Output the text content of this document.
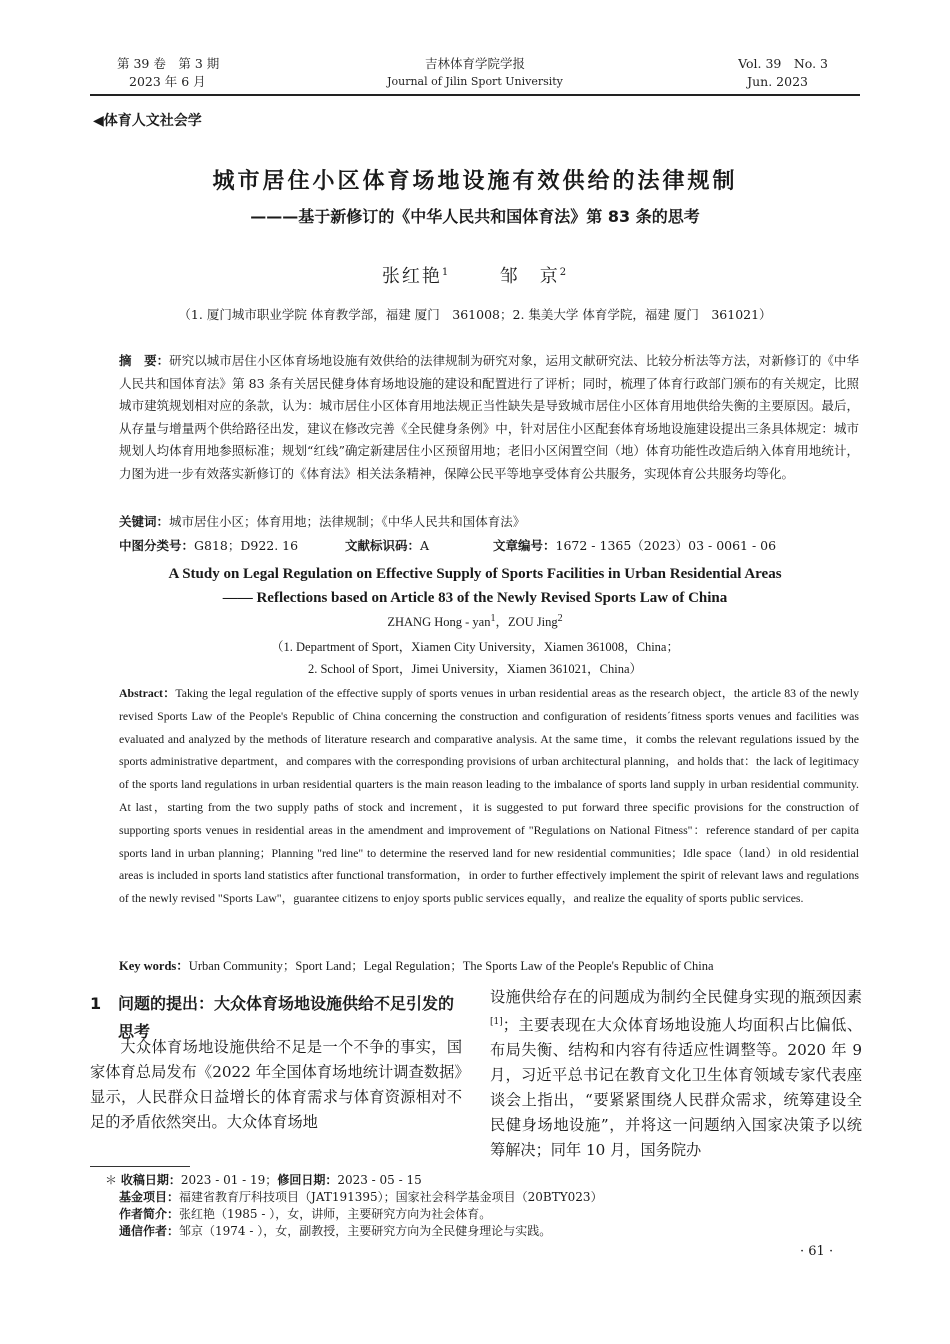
第 39 卷　第 3 期
2023 年 6 月
吉林体育学院学报
Journal of Jilin Sport University
Vol. 39　No. 3
Jun. 2023
◀体育人文社会学
城市居住小区体育场地设施有效供给的法律规制
———基于新修订的《中华人民共和国体育法》第 83 条的思考
张红艳$^1$	邹　京$^2$
（1. 厦门城市职业学院 体育教学部，福建 厦门　361008；2. 集美大学 体育学院，福建 厦门　361021）
摘　要：研究以城市居住小区体育场地设施有效供给的法律规制为研究对象，运用文献研究法、比较分析法等方法，对新修订的《中华人民共和国体育法》第 83 条有关居民健身体育场地设施的建设和配置进行了评析；同时，梳理了体育行政部门颁布的有关规定，比照城市建筑规划相对应的条款，认为：城市居住小区体育用地法规正当性缺失是导致城市居住小区体育用地供给失衡的主要原因。最后，从存量与增量两个供给路径出发，建议在修改完善《全民健身条例》中，针对居住小区配套体育场地设施建设提出三条具体规定：城市规划人均体育用地参照标准；规划“红线”确定新建居住小区预留用地；老旧小区闲置空间（地）体育功能性改造后纳入体育用地统计，力图为进一步有效落实新修订的《体育法》相关法条精神，保障公民平等地享受体育公共服务，实现体育公共服务均等化。
关键词：城市居住小区；体育用地；法律规制；《中华人民共和国体育法》
中图分类号：G818；D922. 16	文献标识码：A	文章编号：1672 - 1365（2023）03 - 0061 - 06
A Study on Legal Regulation on Effective Supply of Sports Facilities in Urban Residential Areas
—— Reflections based on Article 83 of the Newly Revised Sports Law of China
ZHANG Hong - yan$^1$，ZOU Jing$^2$
（1. Department of Sport，Xiamen City University，Xiamen 361008，China；
2. School of Sport，Jimei University，Xiamen 361021，China）
Abstract：Taking the legal regulation of the effective supply of sports venues in urban residential areas as the research object，the article 83 of the newly revised Sports Law of the People's Republic of China concerning the construction and configuration of residents´fitness sports venues and facilities was evaluated and analyzed by the methods of literature research and comparative analysis. At the same time，it combs the relevant regulations issued by the sports administrative department，and compares with the corresponding provisions of urban architectural planning，and holds that：the lack of legitimacy of the sports land regulations in urban residential quarters is the main reason leading to the imbalance of sports land supply in urban residential community. At last，starting from the two supply paths of stock and increment，it is suggested to put forward three specific provisions for the construction of supporting sports venues in residential areas in the amendment and improvement of "Regulations on National Fitness"：reference standard of per capita sports land in urban planning；Planning "red line" to determine the reserved land for new residential communities；Idle space（land）in old residential areas is included in sports land statistics after functional transformation，in order to further effectively implement the spirit of relevant laws and regulations of the newly revised "Sports Law"，guarantee citizens to enjoy sports public services equally，and realize the equality of sports public services.
Key words：Urban Community；Sport Land；Legal Regulation；The Sports Law of the People's Republic of China
1 问题的提出：大众体育场地设施供给不足引发的思考
大众体育场地设施供给不足是一个不争的事实，国家体育总局发布《2022 年全国体育场地统计调查数据》显示，人民群众日益增长的体育需求与体育资源相对不足的矛盾依然突出。大众体育场地
设施供给存在的问题成为制约全民健身实现的瓶颈因素[1]；主要表现在大众体育场地设施人均面积占比偏低、布局失衡、结构和内容有待适应性调整等。2020 年 9 月，习近平总书记在教育文化卫生体育领域专家代表座谈会上指出，“要紧紧围绕人民群众需求，统筹建设全民健身场地设施”，并将这一问题纳入国家决策予以统筹解决；同年 10 月，国务院办
＊ 收稿日期：2023 - 01 - 19；修回日期：2023 - 05 - 15
基金项目：福建省教育厅科技项目（JAT191395）；国家社会科学基金项目（20BTY023）
作者简介：张红艳（1985 - ），女，讲师，主要研究方向为社会体育。
通信作者：邹京（1974 - ），女，副教授，主要研究方向为全民健身理论与实践。
· 61 ·
